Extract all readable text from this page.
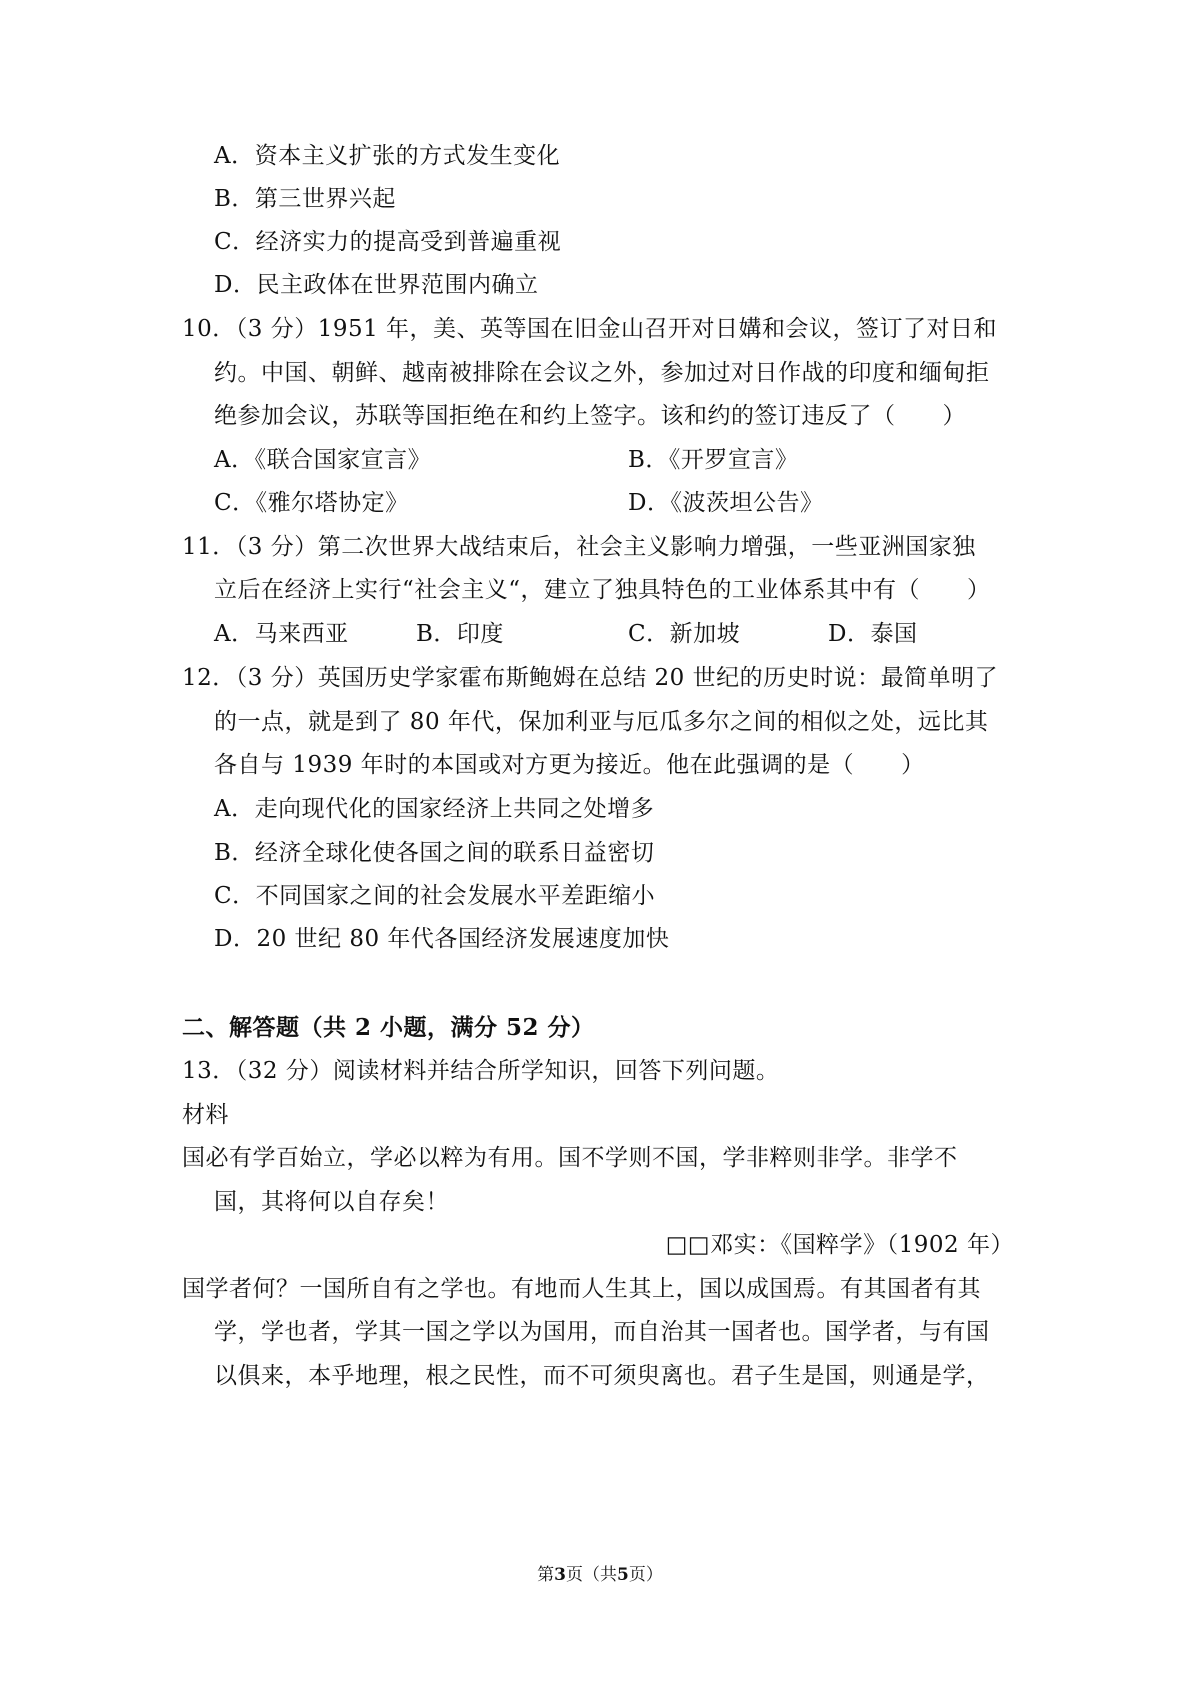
A．资本主义扩张的方式发生变化
B．第三世界兴起
C．经济实力的提高受到普遍重视
D．民主政体在世界范围内确立
10．（3 分）1951 年，美、英等国在旧金山召开对日媾和会议，签订了对日和
约。中国、朝鲜、越南被排除在会议之外，参加过对日作战的印度和缅甸拒
绝参加会议，苏联等国拒绝在和约上签字。该和约的签订违反了（　　）
A．《联合国家宣言》	B．《开罗宣言》
C．《雅尔塔协定》	D．《波茨坦公告》
11．（3 分）第二次世界大战结束后，社会主义影响力增强，一些亚洲国家独
立后在经济上实行“社会主义“，建立了独具特色的工业体系其中有（　　）
A．马来西亚	B．印度	C．新加坡	D．泰国
12．（3 分）英国历史学家霍布斯鲍姆在总结 20 世纪的历史时说：最简单明了
的一点，就是到了 80 年代，保加利亚与厄瓜多尔之间的相似之处，远比其
各自与 1939 年时的本国或对方更为接近。他在此强调的是（　　）
A．走向现代化的国家经济上共同之处增多
B．经济全球化使各国之间的联系日益密切
C．不同国家之间的社会发展水平差距缩小
D．20 世纪 80 年代各国经济发展速度加快
二、解答题（共 2 小题，满分 52 分）
13．（32 分）阅读材料并结合所学知识，回答下列问题。
材料
国必有学百始立，学必以粹为有用。国不学则不国，学非粹则非学。非学不
国，其将何以自存矣！
□□邓实：《国粹学》（1902 年）
国学者何？一国所自有之学也。有地而人生其上，国以成国焉。有其国者有其
学，学也者，学其一国之学以为国用，而自治其一国者也。国学者，与有国
以俱来，本乎地理，根之民性，而不可须臾离也。君子生是国，则通是学，
第3页（共5页）
